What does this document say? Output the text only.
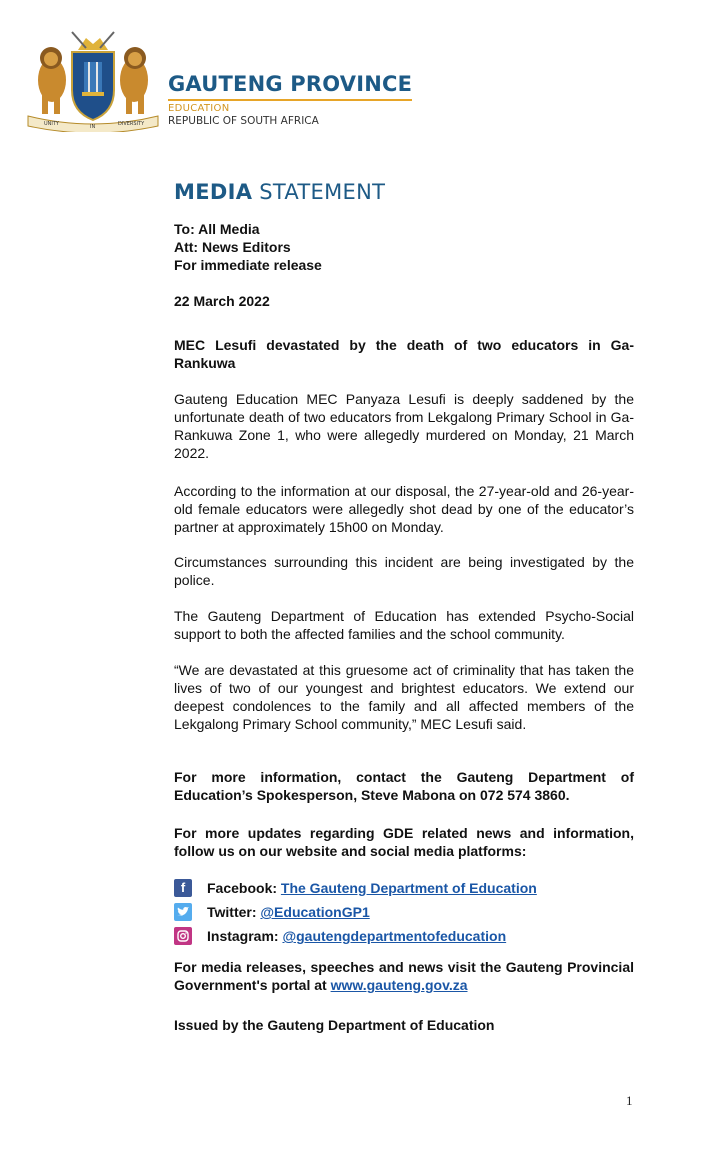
UNITY	IN	DIVERSITY
GAUTENG PROVINCE
EDUCATION
REPUBLIC OF SOUTH AFRICA
MEDIA STATEMENT
To: All Media
Att: News Editors
For immediate release
22 March 2022
MEC Lesufi devastated by the death of two educators in Ga-Rankuwa
Gauteng Education MEC Panyaza Lesufi is deeply saddened by the unfortunate death of two educators from Lekgalong Primary School in Ga-Rankuwa Zone 1, who were allegedly murdered on Monday, 21 March 2022.
According to the information at our disposal, the 27-year-old and 26-year-old female educators were allegedly shot dead by one of the educator’s partner at approximately 15h00 on Monday.
Circumstances surrounding this incident are being investigated by the police.
The Gauteng Department of Education has extended Psycho-Social support to both the affected families and the school community.
“We are devastated at this gruesome act of criminality that has taken the lives of two of our youngest and brightest educators. We extend our deepest condolences to the family and all affected members of the Lekgalong Primary School community,” MEC Lesufi said.
For more information, contact the Gauteng Department of Education’s Spokesperson, Steve Mabona on 072 574 3860.
For more updates regarding GDE related news and information, follow us on our website and social media platforms:
f	Facebook:
The Gauteng Department of Education
Twitter:
@EducationGP1
Instagram:
@gautengdepartmentofeducation
For media releases, speeches and news visit the Gauteng Provincial Government's portal at www.gauteng.gov.za
Issued by the Gauteng Department of Education
1
